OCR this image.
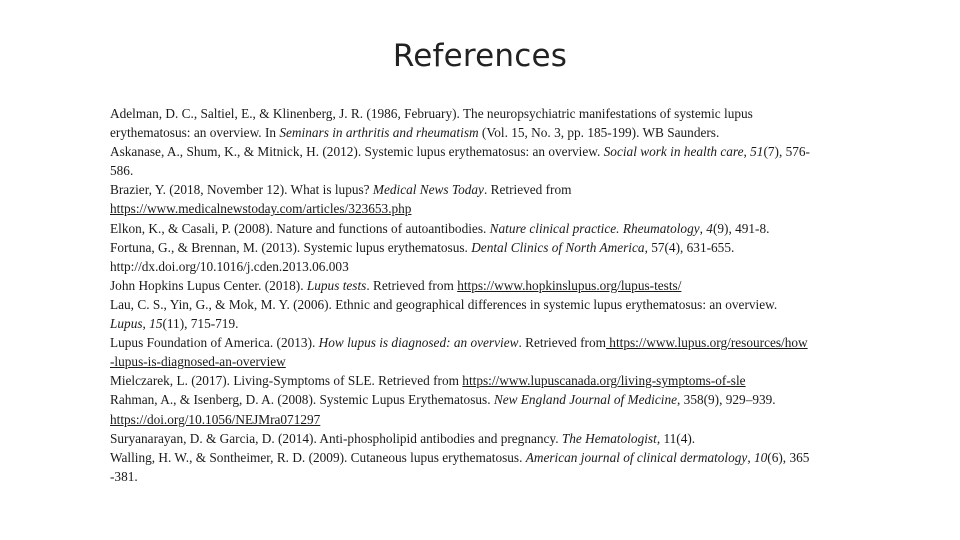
References
Adelman, D. C., Saltiel, E., & Klinenberg, J. R. (1986, February). The neuropsychiatric manifestations of systemic lupus
erythematosus: an overview. In Seminars in arthritis and rheumatism (Vol. 15, No. 3, pp. 185-199). WB Saunders.
Askanase, A., Shum, K., & Mitnick, H. (2012). Systemic lupus erythematosus: an overview. Social work in health care, 51(7), 576-
586.
Brazier, Y. (2018, November 12). What is lupus? Medical News Today. Retrieved from
https://www.medicalnewstoday.com/articles/323653.php
Elkon, K., & Casali, P. (2008). Nature and functions of autoantibodies. Nature clinical practice. Rheumatology, 4(9), 491-8.
Fortuna, G., & Brennan, M. (2013). Systemic lupus erythematosus. Dental Clinics of North America, 57(4), 631-655.
http://dx.doi.org/10.1016/j.cden.2013.06.003
John Hopkins Lupus Center. (2018). Lupus tests. Retrieved from https://www.hopkinslupus.org/lupus-tests/
Lau, C. S., Yin, G., & Mok, M. Y. (2006). Ethnic and geographical differences in systemic lupus erythematosus: an overview.
Lupus, 15(11), 715-719.
Lupus Foundation of America. (2013). How lupus is diagnosed: an overview. Retrieved from https://www.lupus.org/resources/how
-lupus-is-diagnosed-an-overview
Mielczarek, L. (2017). Living-Symptoms of SLE. Retrieved from https://www.lupuscanada.org/living-symptoms-of-sle
Rahman, A., & Isenberg, D. A. (2008). Systemic Lupus Erythematosus. New England Journal of Medicine, 358(9), 929–939.
https://doi.org/10.1056/NEJMra071297
Suryanarayan, D. & Garcia, D. (2014). Anti-phospholipid antibodies and pregnancy. The Hematologist, 11(4).
Walling, H. W., & Sontheimer, R. D. (2009). Cutaneous lupus erythematosus. American journal of clinical dermatology, 10(6), 365
-381.
